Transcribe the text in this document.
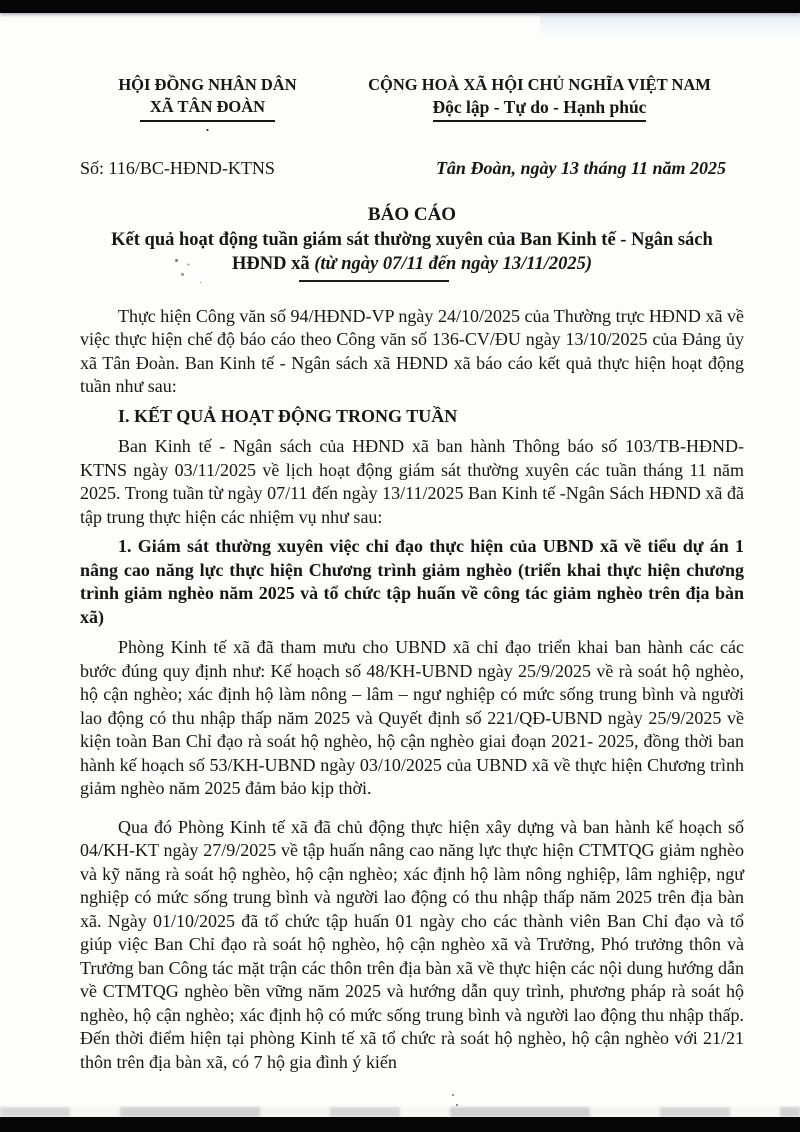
HỘI ĐỒNG NHÂN DÂN
XÃ TÂN ĐOÀN
.
CỘNG HOÀ XÃ HỘI CHỦ NGHĨA VIỆT NAM
Độc lập - Tự do - Hạnh phúc
Số: 116/BC-HĐND-KTNS	Tân Đoàn, ngày 13 tháng 11 năm 2025
BÁO CÁO
Kết quả hoạt động tuần giám sát thường xuyên của Ban Kinh tế - Ngân sách HĐND xã (từ ngày 07/11 đến ngày 13/11/2025)

Thực hiện Công văn số 94/HĐND-VP ngày 24/10/2025 của Thường trực HĐND xã về việc thực hiện chế độ báo cáo theo Công văn số 136-CV/ĐU ngày 13/10/2025 của Đảng ủy xã Tân Đoàn. Ban Kinh tế - Ngân sách xã HĐND xã báo cáo kết quả thực hiện hoạt động tuần như sau:

I. KẾT QUẢ HOẠT ĐỘNG TRONG TUẦN

Ban Kinh tế - Ngân sách của HĐND xã ban hành Thông báo số 103/TB-HĐND-KTNS ngày 03/11/2025 về lịch hoạt động giám sát thường xuyên các tuần tháng 11 năm 2025. Trong tuần từ ngày 07/11 đến ngày 13/11/2025 Ban Kinh tế -Ngân Sách HĐND xã đã tập trung thực hiện các nhiệm vụ như sau:

1. Giám sát thường xuyên việc chỉ đạo thực hiện của UBND xã về tiểu dự án 1 nâng cao năng lực thực hiện Chương trình giảm nghèo (triển khai thực hiện chương trình giảm nghèo năm 2025 và tổ chức tập huấn về công tác giảm nghèo trên địa bàn xã)

Phòng Kinh tế xã đã tham mưu cho UBND xã chỉ đạo triển khai ban hành các các bước đúng quy định như: Kế hoạch số 48/KH-UBND ngày 25/9/2025 về rà soát hộ nghèo, hộ cận nghèo; xác định hộ làm nông – lâm – ngư nghiệp có mức sống trung bình và người lao động có thu nhập thấp năm 2025 và Quyết định số 221/QĐ-UBND ngày 25/9/2025 về kiện toàn Ban Chỉ đạo rà soát hộ nghèo, hộ cận nghèo giai đoạn 2021- 2025, đồng thời ban hành kế hoạch số 53/KH-UBND ngày 03/10/2025 của UBND xã về thực hiện Chương trình giảm nghèo năm 2025 đảm bảo kịp thời.

Qua đó Phòng Kinh tế xã đã chủ động thực hiện xây dựng và ban hành kế hoạch số 04/KH-KT ngày 27/9/2025 về tập huấn nâng cao năng lực thực hiện CTMTQG giảm nghèo và kỹ năng rà soát hộ nghèo, hộ cận nghèo; xác định hộ làm nông nghiệp, lâm nghiệp, ngư nghiệp có mức sống trung bình và người lao động có thu nhập thấp năm 2025 trên địa bàn xã. Ngày 01/10/2025 đã tổ chức tập huấn 01 ngày cho các thành viên Ban Chỉ đạo và tổ giúp việc Ban Chỉ đạo rà soát hộ nghèo, hộ cận nghèo xã và Trưởng, Phó trưởng thôn và Trưởng ban Công tác mặt trận các thôn trên địa bàn xã về thực hiện các nội dung hướng dẫn về CTMTQG nghèo bền vững năm 2025 và hướng dẫn quy trình, phương pháp rà soát hộ nghèo, hộ cận nghèo; xác định hộ có mức sống trung bình và người lao động thu nhập thấp. Đến thời điểm hiện tại phòng Kinh tế xã tổ chức rà soát hộ nghèo, hộ cận nghèo với 21/21 thôn trên địa bàn xã, có 7 hộ gia đình ý kiến
